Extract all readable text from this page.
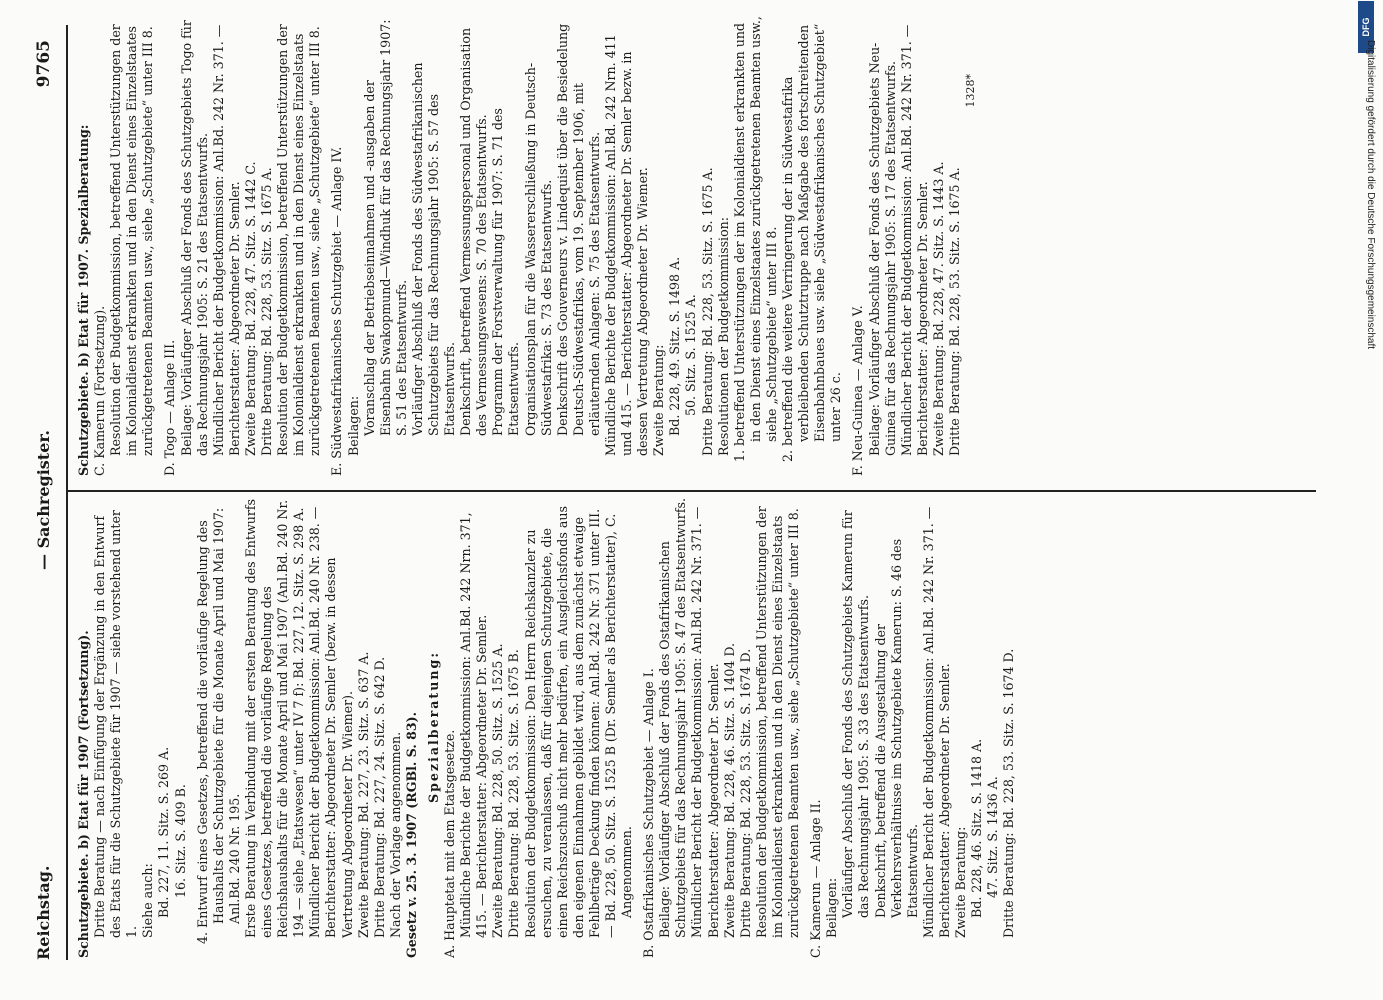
Reichstag.
— Sachregister.
9765

Schutzgebiete. b) Etat für 1907 (Fortsetzung). Dritte Beratung — nach Einfügung der Ergänzung in den Entwurf des Etats für die Schutzgebiete für 1907 — siehe vorstehend unter 1. Siehe auch: Bd. 227, 11. Sitz. S. 269 A. 16. Sitz. S. 409 B. 4. Entwurf eines Gesetzes, betreffend die vorläufige Regelung des Haushalts der Schutzgebiete für die Monate April und Mai 1907: Anl.Bd. 240 Nr. 195. Erste Beratung in Verbindung mit der ersten Beratung des Entwurfs eines Gesetzes, betreffend die vorläufige Regelung des Reichshaushalts für die Monate April und Mai 1907 (Anl.Bd. 240 Nr. 194 — siehe „Etatswesen“ unter IV 7 f): Bd. 227, 12. Sitz. S. 298 A. Mündlicher Bericht der Budgetkommission: Anl.Bd. 240 Nr. 238. — Berichterstatter: Abgeordneter Dr. Semler (bezw. in dessen Vertretung Abgeordneter Dr. Wiemer). Zweite Beratung: Bd. 227, 23. Sitz. S. 637 A. Dritte Beratung: Bd. 227, 24. Sitz. S. 642 D. Nach der Vorlage angenommen. Gesetz v. 25. 3. 1907 (RGBl. S. 83). Spezialberatung:

A. Hauptetat mit dem Etatsgesetze. Mündliche Berichte der Budgetkommission: Anl.Bd. 242 Nrn. 371, 415. — Berichterstatter: Abgeordneter Dr. Semler. Zweite Beratung: Bd. 228, 50. Sitz. S. 1525 A. Dritte Beratung: Bd. 228, 53. Sitz. S. 1675 B. Resolution der Budgetkommission: Den Herrn Reichskanzler zu ersuchen, zu veranlassen, daß für diejenigen Schutzgebiete, die einen Reichszuschuß nicht mehr bedürfen, ein Ausgleichsfonds aus den eigenen Einnahmen gebildet wird, aus dem zunächst etwaige Fehlbeträge Deckung finden können: Anl.Bd. 242 Nr. 371 unter III. — Bd. 228, 50. Sitz. S. 1525 B (Dr. Semler als Berichterstatter), C. Angenommen. B. Ostafrikanisches Schutzgebiet — Anlage I. Beilage: Vorläufiger Abschluß der Fonds des Ostafrikanischen Schutzgebiets für das Rechnungsjahr 1905: S. 47 des Etatsentwurfs. Mündlicher Bericht der Budgetkommission: Anl.Bd. 242 Nr. 371. — Berichterstatter: Abgeordneter Dr. Semler. Zweite Beratung: Bd. 228, 46. Sitz. S. 1404 D. Dritte Beratung: Bd. 228, 53. Sitz. S. 1674 D. Resolution der Budgetkommission, betreffend Unterstützungen der im Kolonialdienst erkrankten und in den Dienst eines Einzelstaats zurückgetretenen Beamten usw., siehe „Schutzgebiete“ unter III 8. C. Kamerun — Anlage II. Beilagen: Vorläufiger Abschluß der Fonds des Schutzgebiets Kamerun für das Rechnungsjahr 1905: S. 33 des Etatsentwurfs. Denkschrift, betreffend die Ausgestaltung der Verkehrsverhältnisse im Schutzgebiete Kamerun: S. 46 des Etatsentwurfs. Mündlicher Bericht der Budgetkommission: Anl.Bd. 242 Nr. 371. — Berichterstatter: Abgeordneter Dr. Semler. Zweite Beratung: Bd. 228, 46. Sitz. S. 1418 A. 47. Sitz. S. 1436 A. Dritte Beratung: Bd. 228, 53. Sitz. S. 1674 D.

Schutzgebiete. b) Etat für 1907. Spezialberatung: C. Kamerun (Fortsetzung). Resolution der Budgetkommission, betreffend Unterstützungen der im Kolonialdienst erkrankten und in den Dienst eines Einzelstaates zurückgetretenen Beamten usw., siehe „Schutzgebiete“ unter III 8. D. Togo — Anlage III. Beilage: Vorläufiger Abschluß der Fonds des Schutzgebiets Togo für das Rechnungsjahr 1905: S. 21 des Etatsentwurfs. Mündlicher Bericht der Budgetkommission: Anl.Bd. 242 Nr. 371. — Berichterstatter: Abgeordneter Dr. Semler. Zweite Beratung: Bd. 228, 47. Sitz. S. 1442 C. Dritte Beratung: Bd. 228, 53. Sitz. S. 1675 A. Resolution der Budgetkommission, betreffend Unterstützungen der im Kolonialdienst erkrankten und in den Dienst eines Einzelstaats zurückgetretenen Beamten usw., siehe „Schutzgebiete“ unter III 8. E. Südwestafrikanisches Schutzgebiet — Anlage IV. Beilagen: Voranschlag der Betriebseinnahmen und -ausgaben der Eisenbahn Swakopmund—Windhuk für das Rechnungsjahr 1907: S. 51 des Etatsentwurfs. Vorläufiger Abschluß der Fonds des Südwestafrikanischen Schutzgebiets für das Rechnungsjahr 1905: S. 57 des Etatsentwurfs. Denkschrift, betreffend Vermessungspersonal und Organisation des Vermessungswesens: S. 70 des Etatsentwurfs. Programm der Forstverwaltung für 1907: S. 71 des Etatsentwurfs. Organisationsplan für die Wassererschließung in Deutsch-Südwestafrika: S. 73 des Etatsentwurfs. Denkschrift des Gouverneurs v. Lindequist über die Besiedelung Deutsch-Südwestafrikas, vom 19. September 1906, mit erläuternden Anlagen: S. 75 des Etatsentwurfs. Mündliche Berichte der Budgetkommission: Anl.Bd. 242 Nrn. 411 und 415. — Berichterstatter: Abgeordneter Dr. Semler bezw. in dessen Vertretung Abgeordneter Dr. Wiemer. Zweite Beratung: Bd. 228, 49. Sitz. S. 1498 A. 50. Sitz. S. 1525 A. Dritte Beratung: Bd. 228, 53. Sitz. S. 1675 A. Resolutionen der Budgetkommission: 1. betreffend Unterstützungen der im Kolonialdienst erkrankten und in den Dienst eines Einzelstaates zurückgetretenen Beamten usw., siehe „Schutzgebiete“ unter III 8. 2. betreffend die weitere Verringerung der in Südwestafrika verbleibenden Schutztruppe nach Maßgabe des fortschreitenden Eisenbahnbaues usw. siehe „Südwestafrikanisches Schutzgebiet“ unter 26 c. F. Neu-Guinea — Anlage V. Beilage: Vorläufiger Abschluß der Fonds des Schutzgebiets Neu-Guinea für das Rechnungsjahr 1905: S. 17 des Etatsentwurfs. Mündlicher Bericht der Budgetkommission: Anl.Bd. 242 Nr. 371. — Berichterstatter: Abgeordneter Dr. Semler. Zweite Beratung: Bd. 228, 47. Sitz. S. 1443 A. Dritte Beratung: Bd. 228, 53. Sitz. S. 1675 A.

1328*

DFG
Digitalisierung gefördert durch die Deutsche Forschungsgemeinschaft
